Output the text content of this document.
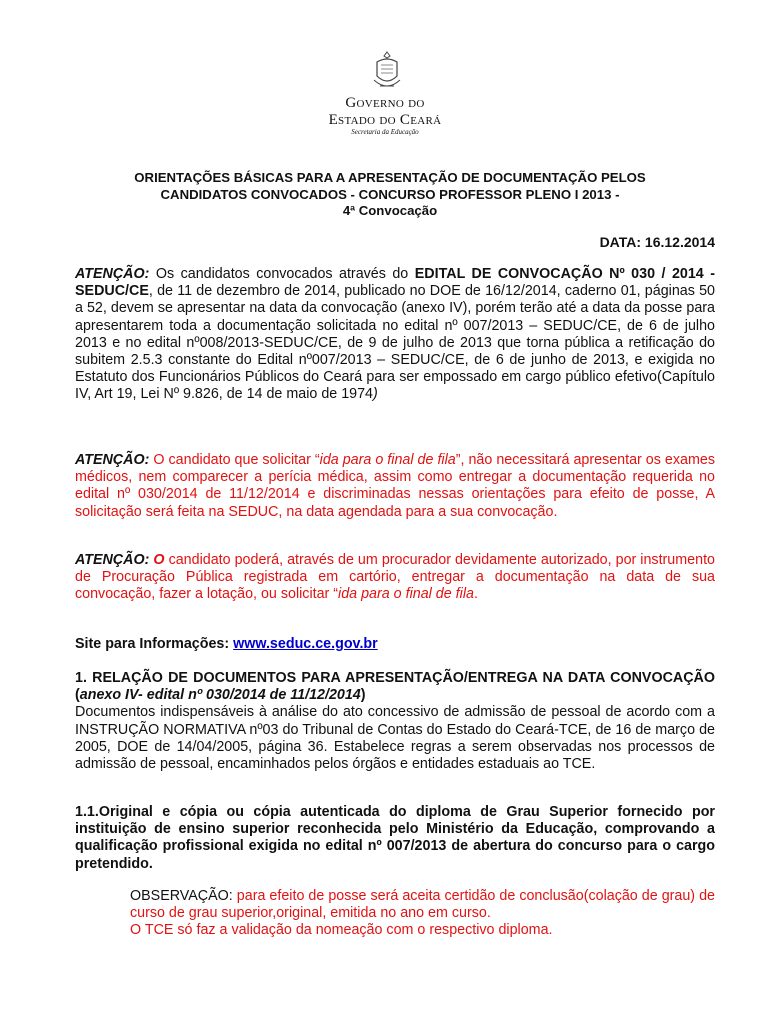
Governo do
Estado do Ceará
Secretaria da Educação
ORIENTAÇÕES BÁSICAS PARA A APRESENTAÇÃO DE DOCUMENTAÇÃO PELOS
CANDIDATOS CONVOCADOS - CONCURSO PROFESSOR PLENO I 2013 -
4ª Convocação
DATA: 16.12.2014
ATENÇÃO: Os candidatos convocados através do EDITAL DE CONVOCAÇÃO Nº 030 / 2014 - SEDUC/CE, de 11 de dezembro de 2014, publicado no DOE de 16/12/2014, caderno 01, páginas 50 a 52, devem se apresentar na data da convocação (anexo IV), porém terão até a data da posse para apresentarem toda a documentação solicitada no edital nº 007/2013 – SEDUC/CE, de 6 de julho 2013 e no edital nº008/2013-SEDUC/CE, de 9 de julho de 2013 que torna pública a retificação do subitem 2.5.3 constante do Edital nº007/2013 – SEDUC/CE, de 6 de junho de 2013, e exigida no Estatuto dos Funcionários Públicos do Ceará para ser empossado em cargo público efetivo(Capítulo IV, Art 19, Lei Nº 9.826, de 14 de maio de 1974)
ATENÇÃO: O candidato que solicitar “ida para o final de fila”, não necessitará apresentar os exames médicos, nem comparecer a perícia médica, assim como entregar a documentação requerida no edital nº 030/2014 de 11/12/2014 e discriminadas nessas orientações para efeito de posse, A solicitação será feita na SEDUC, na data agendada para a sua convocação.
ATENÇÃO: O candidato poderá, através de um procurador devidamente autorizado, por instrumento de Procuração Pública registrada em cartório, entregar a documentação na data de sua convocação, fazer a lotação, ou solicitar “ida para o final de fila.
Site para Informações: www.seduc.ce.gov.br
1. RELAÇÃO DE DOCUMENTOS PARA APRESENTAÇÃO/ENTREGA NA DATA CONVOCAÇÃO (anexo IV- edital nº 030/2014 de 11/12/2014)
Documentos indispensáveis à análise do ato concessivo de admissão de pessoal de acordo com a INSTRUÇÃO NORMATIVA nº03 do Tribunal de Contas do Estado do Ceará-TCE, de 16 de março de 2005, DOE de 14/04/2005, página 36. Estabelece regras a serem observadas nos processos de admissão de pessoal, encaminhados pelos órgãos e entidades estaduais ao TCE.
1.1.Original e cópia ou cópia autenticada do diploma de Grau Superior fornecido por instituição de ensino superior reconhecida pelo Ministério da Educação, comprovando a qualificação profissional exigida no edital nº 007/2013 de abertura do concurso para o cargo pretendido.
OBSERVAÇÃO: para efeito de posse será aceita certidão de conclusão(colação de grau) de curso de grau superior,original, emitida no ano em curso.
O TCE só faz a validação da nomeação com o respectivo diploma.
